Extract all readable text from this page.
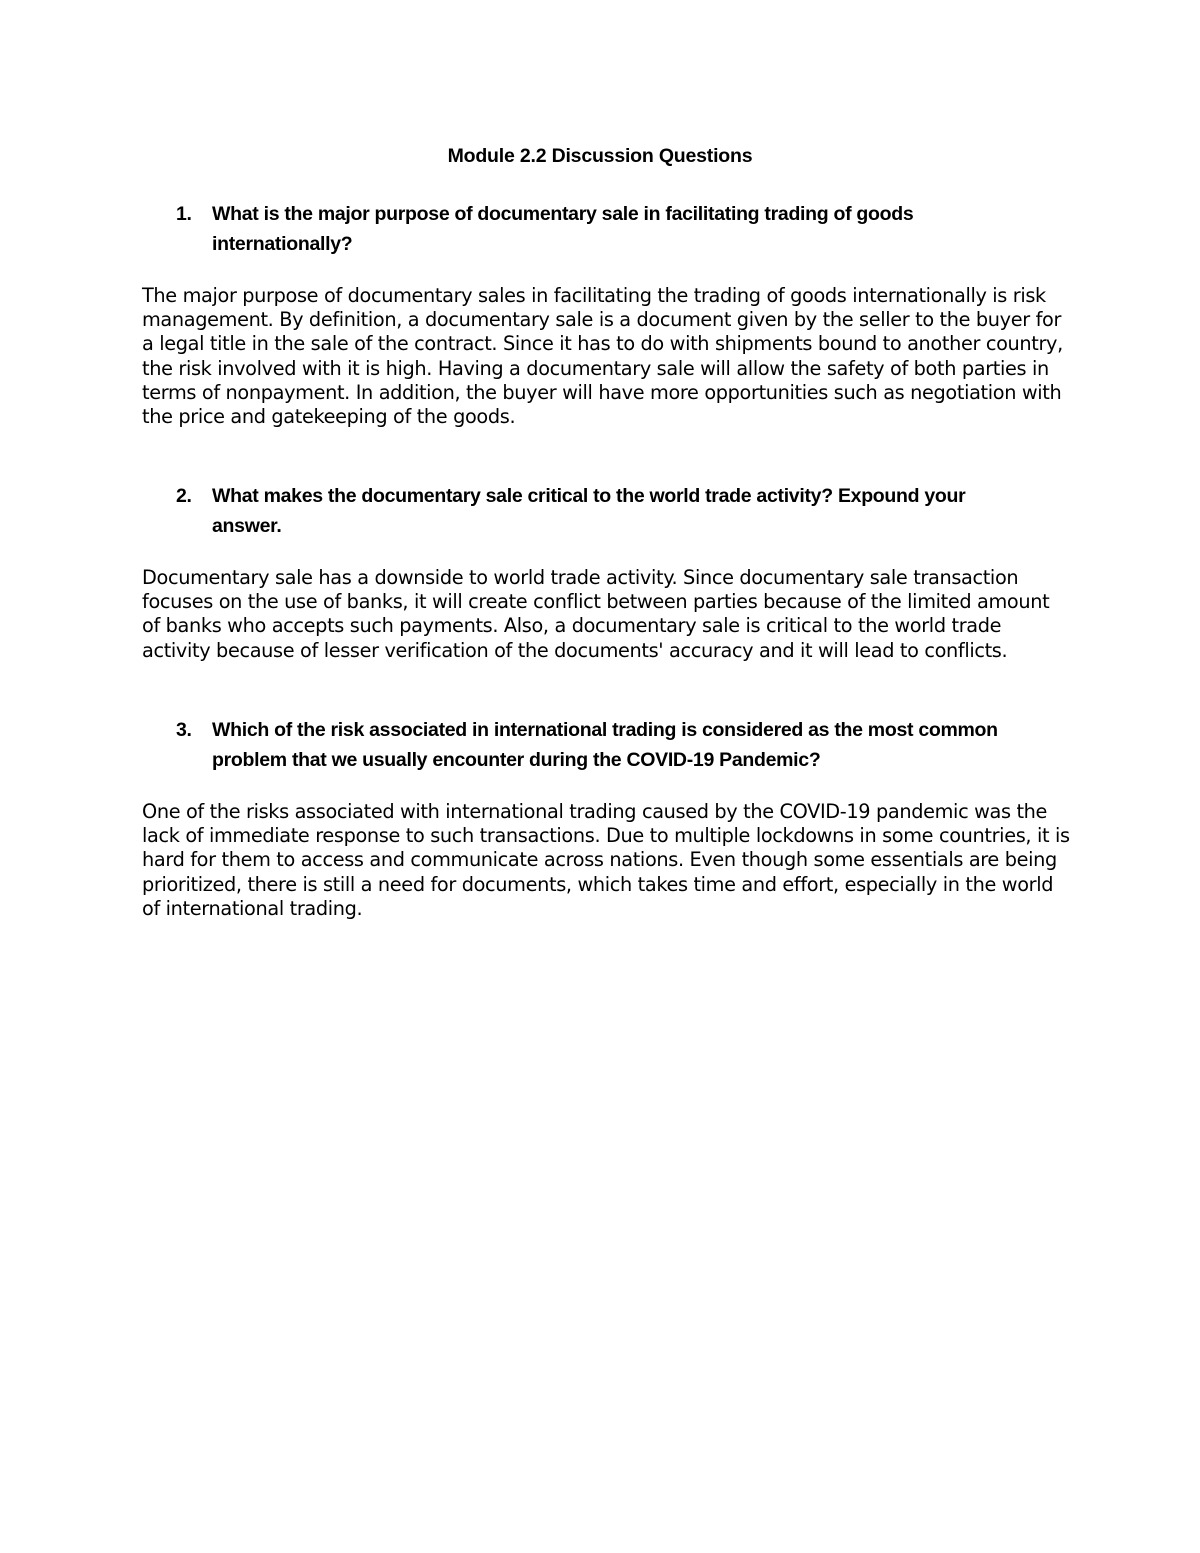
Module 2.2 Discussion Questions
1. What is the major purpose of documentary sale in facilitating trading of goods internationally?

The major purpose of documentary sales in facilitating the trading of goods internationally is risk management. By definition, a documentary sale is a document given by the seller to the buyer for a legal title in the sale of the contract. Since it has to do with shipments bound to another country, the risk involved with it is high. Having a documentary sale will allow the safety of both parties in terms of nonpayment. In addition, the buyer will have more opportunities such as negotiation with the price and gatekeeping of the goods.

2. What makes the documentary sale critical to the world trade activity? Expound your answer.

Documentary sale has a downside to world trade activity. Since documentary sale transaction focuses on the use of banks, it will create conflict between parties because of the limited amount of banks who accepts such payments. Also, a documentary sale is critical to the world trade activity because of lesser verification of the documents' accuracy and it will lead to conflicts.

3. Which of the risk associated in international trading is considered as the most common problem that we usually encounter during the COVID-19 Pandemic?

One of the risks associated with international trading caused by the COVID-19 pandemic was the lack of immediate response to such transactions. Due to multiple lockdowns in some countries, it is hard for them to access and communicate across nations. Even though some essentials are being prioritized, there is still a need for documents, which takes time and effort, especially in the world of international trading.
